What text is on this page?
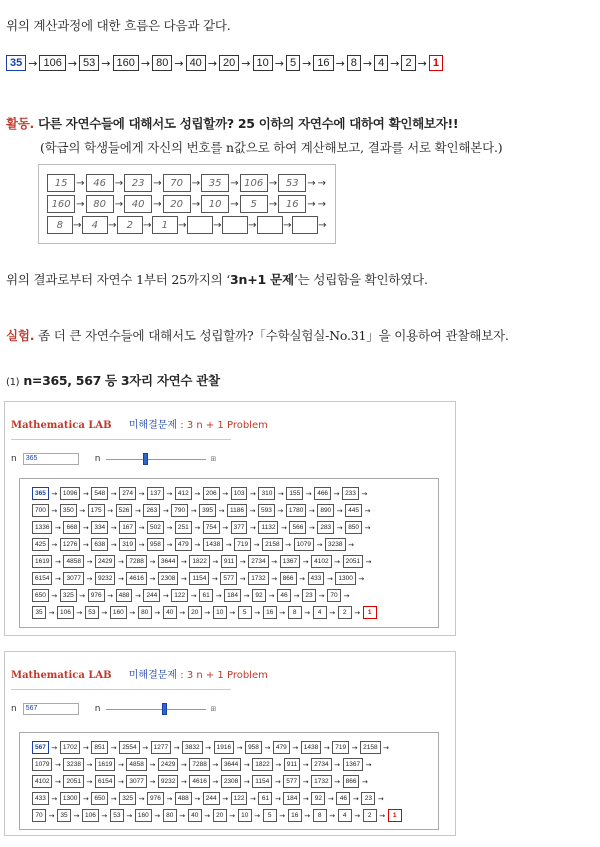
위의 계산과정에 대한 흐름은 다음과 같다.
35 → 106 → 53 → 160 → 80 → 40 → 20 → 10 → 5 → 16 → 8 → 4 → 2 → 1
활동. 다른 자연수들에 대해서도 성립할까? 25 이하의 자연수에 대하여 확인해보자!!
(학급의 학생들에게 자신의 번호를 n값으로 하여 계산해보고, 결과를 서로 확인해본다.)
15 → 46 → 23 → 70 → 35 → 106 → 53 → →
160 → 80 → 40 → 20 → 10 →	5	→ 16 → →
8	→	4	→	2	→	1	→	→	→	→	→
위의 결과로부터 자연수 1부터 25까지의 ‘3n+1 문제’는 성립함을 확인하였다.
실험. 좀 더 큰 자연수들에 대해서도 성립할까?「수학실험실-No.31」을 이용하여 관찰해보자.
(1) n=365, 567 등 3자리 자연수 관찰
Mathematica LAB 미해결문제 : 3 n + 1 Problem
n	365	n	⊞
365 → 1096 → 548 → 274 → 137 → 412 → 206 → 103 → 310 → 155 → 466 → 233 →
700 → 350 → 175 → 526 → 263 → 790 → 395 → 1186 → 593 → 1780 → 890 → 445 →
1336 → 668 → 334 → 167 → 502 → 251 → 754 → 377 → 1132 → 566 → 283 → 850 →
425 → 1276 → 638 → 319 → 958 → 479 → 1438 → 719 → 2158 → 1079 → 3238 →
1619 → 4858 → 2429 → 7288 → 3644 → 1822 → 911 → 2734 → 1367 → 4102 → 2051 →
6154 → 3077 → 9232 → 4616 → 2308 → 1154 → 577 → 1732 → 866 → 433 → 1300 →
650 → 325 → 976 → 488 → 244 → 122 → 61 → 184 → 92 → 46 → 23 → 70 →
35 → 106 → 53 → 160 → 80 → 40 → 20 → 10 →	5	→ 16 →	8	→	4	→	2	→	1
Mathematica LAB 미해결문제 : 3 n + 1 Problem
n	567	n	⊞
567 → 1702 → 851 → 2554 → 1277 → 3832 → 1916 → 958 → 479 → 1438 → 719 → 2158 →
1079 → 3238 → 1619 → 4858 → 2429 → 7288 → 3644 → 1822 → 911 → 2734 → 1367 →
4102 → 2051 → 6154 → 3077 → 9232 → 4616 → 2308 → 1154 → 577 → 1732 → 866 →
433 → 1300 → 650 → 325 → 976 → 488 → 244 → 122 → 61 → 184 → 92 → 46 → 23 →
70 → 35 → 106 → 53 → 160 → 80 → 40 → 20 → 10 →	5	→ 16 →	8	→	4	→	2	→	1
